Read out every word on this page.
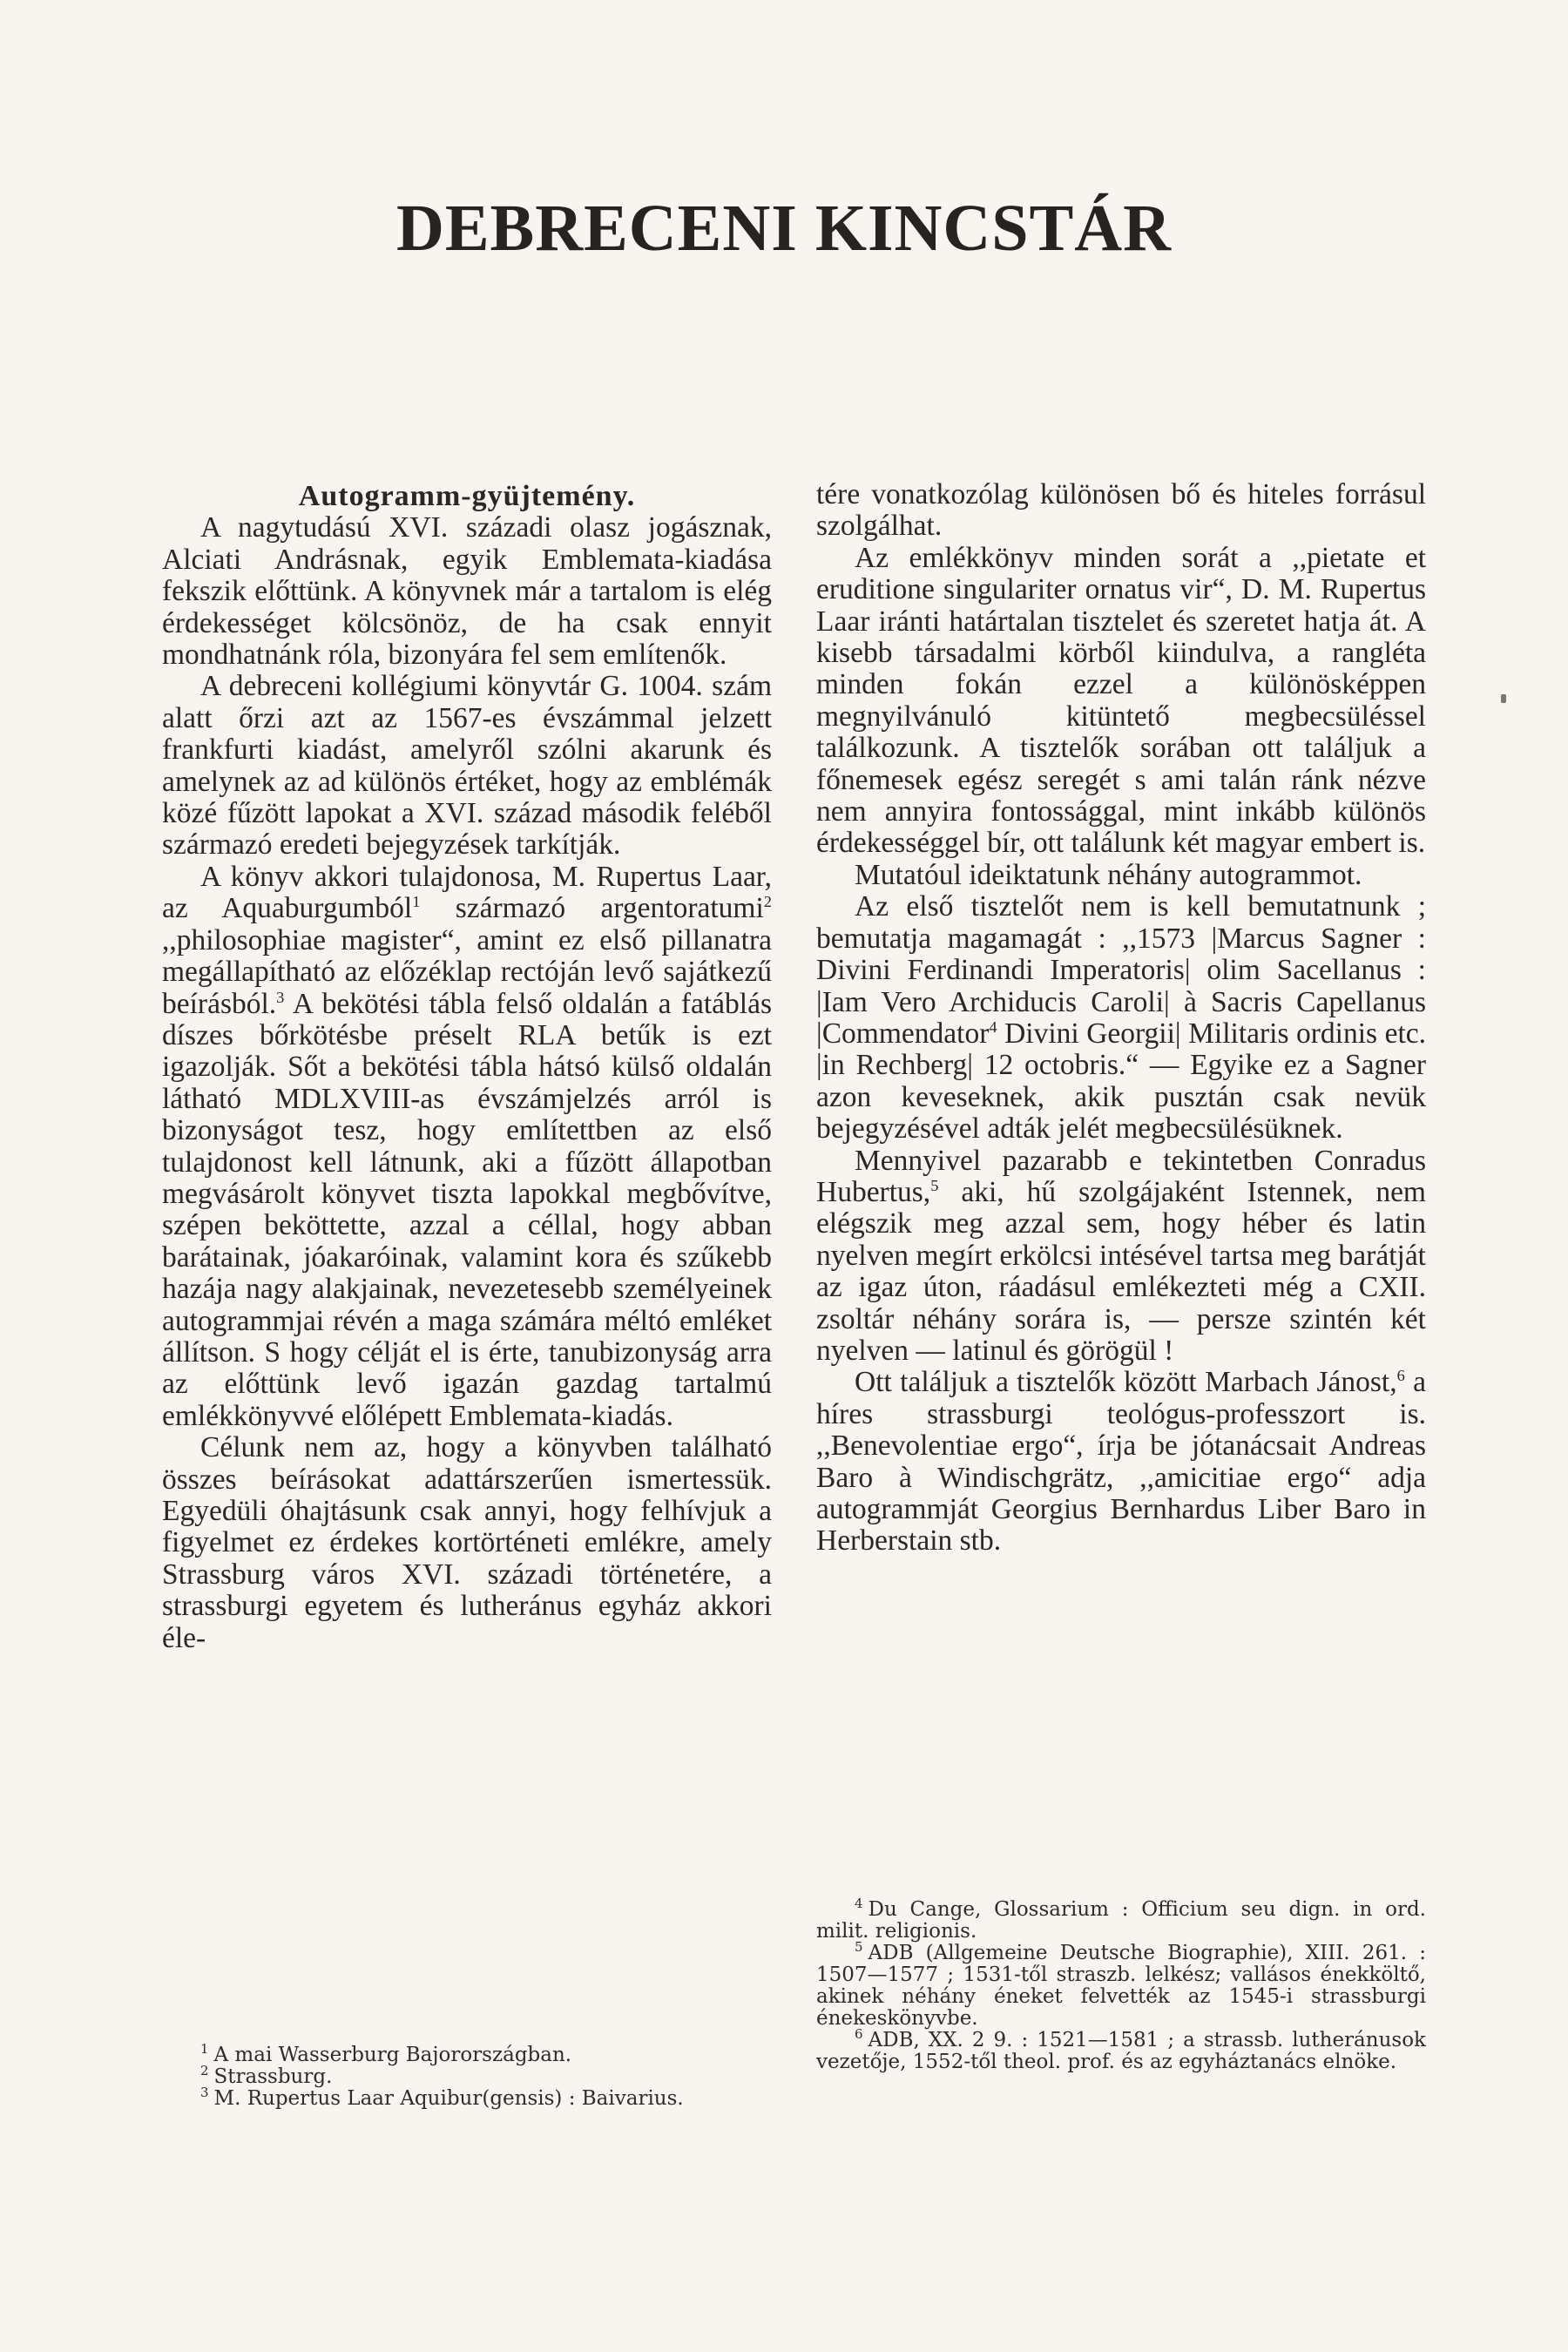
DEBRECENI KINCSTÁR

Autogramm-gyüjtemény.

A nagytudású XVI. századi olasz jogásznak, Alciati Andrásnak, egyik Emblemata-kiadása fekszik előttünk. A könyvnek már a tartalom is elég érdekességet kölcsönöz, de ha csak ennyit mondhatnánk róla, bizonyára fel sem említenők.

A debreceni kollégiumi könyvtár G. 1004. szám alatt őrzi azt az 1567-es évszámmal jelzett frankfurti kiadást, amelyről szólni akarunk és amelynek az ad különös értéket, hogy az emblémák közé fűzött lapokat a XVI. század második feléből származó eredeti bejegyzések tarkítják.

A könyv akkori tulajdonosa, M. Rupertus Laar, az Aquaburgumból$^1$ származó argentoratumi$^2$ ,,philosophiae magister“, amint ez első pillanatra megállapítható az előzéklap rectóján levő sajátkezű beírásból.$^3$ A bekötési tábla felső oldalán a fatáblás díszes bőrkötésbe préselt RLA betűk is ezt igazolják. Sőt a bekötési tábla hátsó külső oldalán látható MDLXVIII-as évszámjelzés arról is bizonyságot tesz, hogy említettben az első tulajdonost kell látnunk, aki a fűzött állapotban megvásárolt könyvet tiszta lapokkal megbővítve, szépen beköttette, azzal a céllal, hogy abban barátainak, jóakaróinak, valamint kora és szűkebb hazája nagy alakjainak, nevezetesebb személyeinek autogrammjai révén a maga számára méltó emléket állítson. S hogy célját el is érte, tanubizonyság arra az előttünk levő igazán gazdag tartalmú emlékkönyvvé előlépett Emblemata-kiadás.

Célunk nem az, hogy a könyvben található összes beírásokat adattárszerűen ismertessük. Egyedüli óhajtásunk csak annyi, hogy felhívjuk a figyelmet ez érdekes kortörténeti emlékre, amely Strassburg város XVI. századi történetére, a strassburgi egyetem és lutheránus egyház akkori éle-

tére vonatkozólag különösen bő és hiteles forrásul szolgálhat.

Az emlékkönyv minden sorát a ,,pietate et eruditione singulariter ornatus vir“, D. M. Rupertus Laar iránti határtalan tisztelet és szeretet hatja át. A kisebb társadalmi körből kiindulva, a rangléta minden fokán ezzel a különösképpen megnyilvánuló kitüntető megbecsüléssel találkozunk. A tisztelők sorában ott találjuk a főnemesek egész seregét s ami talán ránk nézve nem annyira fontossággal, mint inkább különös érdekességgel bír, ott találunk két magyar embert is.

Mutatóul ideiktatunk néhány autogrammot.

Az első tisztelőt nem is kell bemutatnunk ; bemutatja magamagát : ,,1573 |Marcus Sagner : Divini Ferdinandi Imperatoris| olim Sacellanus : |Iam Vero Archiducis Caroli| à Sacris Capellanus |Commendator$^4$ Divini Georgii| Militaris ordinis etc. |in Rechberg| 12 octobris.“ — Egyike ez a Sagner azon keveseknek, akik pusztán csak nevük bejegyzésével adták jelét megbecsülésüknek.

Mennyivel pazarabb e tekintetben Conradus Hubertus,$^5$ aki, hű szolgájaként Istennek, nem elégszik meg azzal sem, hogy héber és latin nyelven megírt erkölcsi intésével tartsa meg barátját az igaz úton, ráadásul emlékezteti még a CXII. zsoltár néhány sorára is, — persze szintén két nyelven — latinul és görögül !

Ott találjuk a tisztelők között Marbach Jánost,$^6$ a híres strassburgi teológus-professzort is. ,,Benevolentiae ergo“, írja be jótanácsait Andreas Baro à Windischgrätz, ,,amicitiae ergo“ adja autogrammját Georgius Bernhardus Liber Baro in Herberstain stb.

$^1$ A mai Wasserburg Bajorországban.

$^2$ Strassburg.

$^3$ M. Rupertus Laar Aquibur(gensis) : Baivarius.

$^4$ Du Cange, Glossarium : Officium seu dign. in ord. milit. religionis.

$^5$ ADB (Allgemeine Deutsche Biographie), XIII. 261. : 1507—1577 ; 1531-től straszb. lelkész; vallásos énekköltő, akinek néhány éneket felvették az 1545-i strassburgi énekeskönyvbe.

$^6$ ADB, XX. 2 9. : 1521—1581 ; a strassb. lutheránusok vezetője, 1552-től theol. prof. és az egyháztanács elnöke.
